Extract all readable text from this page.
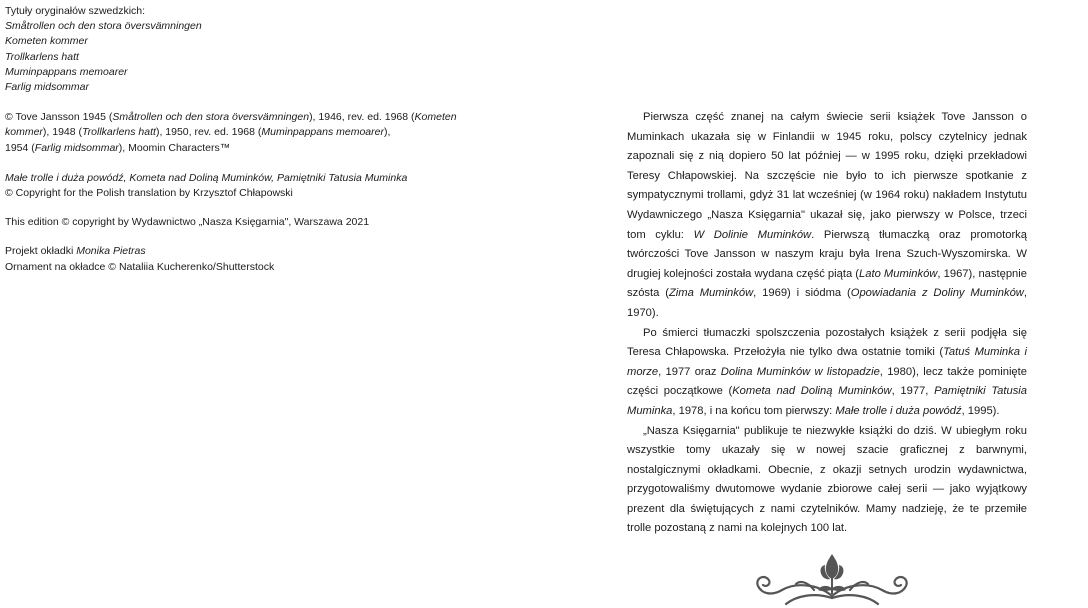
Tytuły oryginałów szwedzkich:

Småtrollen och den stora översvämningen

Kometen kommer

Trollkarlens hatt

Muminpappans memoarer

Farlig midsommar

© Tove Jansson 1945 (Småtrollen och den stora översvämningen), 1946, rev. ed. 1968 (Kometen kommer), 1948 (Trollkarlens hatt), 1950, rev. ed. 1968 (Muminpappans memoarer),
1954 (Farlig midsommar), Moomin Characters™

Małe trolle i duża powódź, Kometa nad Doliną Muminków, Pamiętniki Tatusia Muminka

© Copyright for the Polish translation by Krzysztof Chłapowski

This edition © copyright by Wydawnictwo „Nasza Księgarnia", Warszawa 2021

Projekt okładki Monika Pietras

Ornament na okładce © Nataliia Kucherenko/Shutterstock

Pierwsza część znanej na całym świecie serii książek Tove Jansson o Muminkach ukazała się w Finlandii w 1945 roku, polscy czytelnicy jednak zapoznali się z nią dopiero 50 lat później — w 1995 roku, dzięki przekładowi Teresy Chłapowskiej. Na szczęście nie było to ich pierwsze spotkanie z sympatycznymi trollami, gdyż 31 lat wcześniej (w 1964 roku) nakładem Instytutu Wydawniczego „Nasza Księgarnia" ukazał się, jako pierwszy w Polsce, trzeci tom cyklu: W Dolinie Muminków. Pierwszą tłumaczką oraz promotorką twórczości Tove Jansson w naszym kraju była Irena Szuch-Wyszomirska. W drugiej kolejności została wydana część piąta (Lato Muminków, 1967), następnie szósta (Zima Muminków, 1969) i siódma (Opowiadania z Doliny Muminków, 1970).

Po śmierci tłumaczki spolszczenia pozostałych książek z serii podjęła się Teresa Chłapowska. Przełożyła nie tylko dwa ostatnie tomiki (Tatuś Muminka i morze, 1977 oraz Dolina Muminków w listopadzie, 1980), lecz także pominięte części początkowe (Kometa nad Doliną Muminków, 1977, Pamiętniki Tatusia Muminka, 1978, i na końcu tom pierwszy: Małe trolle i duża powódź, 1995).

„Nasza Księgarnia" publikuje te niezwykłe książki do dziś. W ubiegłym roku wszystkie tomy ukazały się w nowej szacie graficznej z barwnymi, nostalgicznymi okładkami. Obecnie, z okazji setnych urodzin wydawnictwa, przygotowaliśmy dwutomowe wydanie zbiorowe całej serii — jako wyjątkowy prezent dla świętujących z nami czytelników. Mamy nadzieję, że te przemiłe trolle pozostaną z nami na kolejnych 100 lat.
